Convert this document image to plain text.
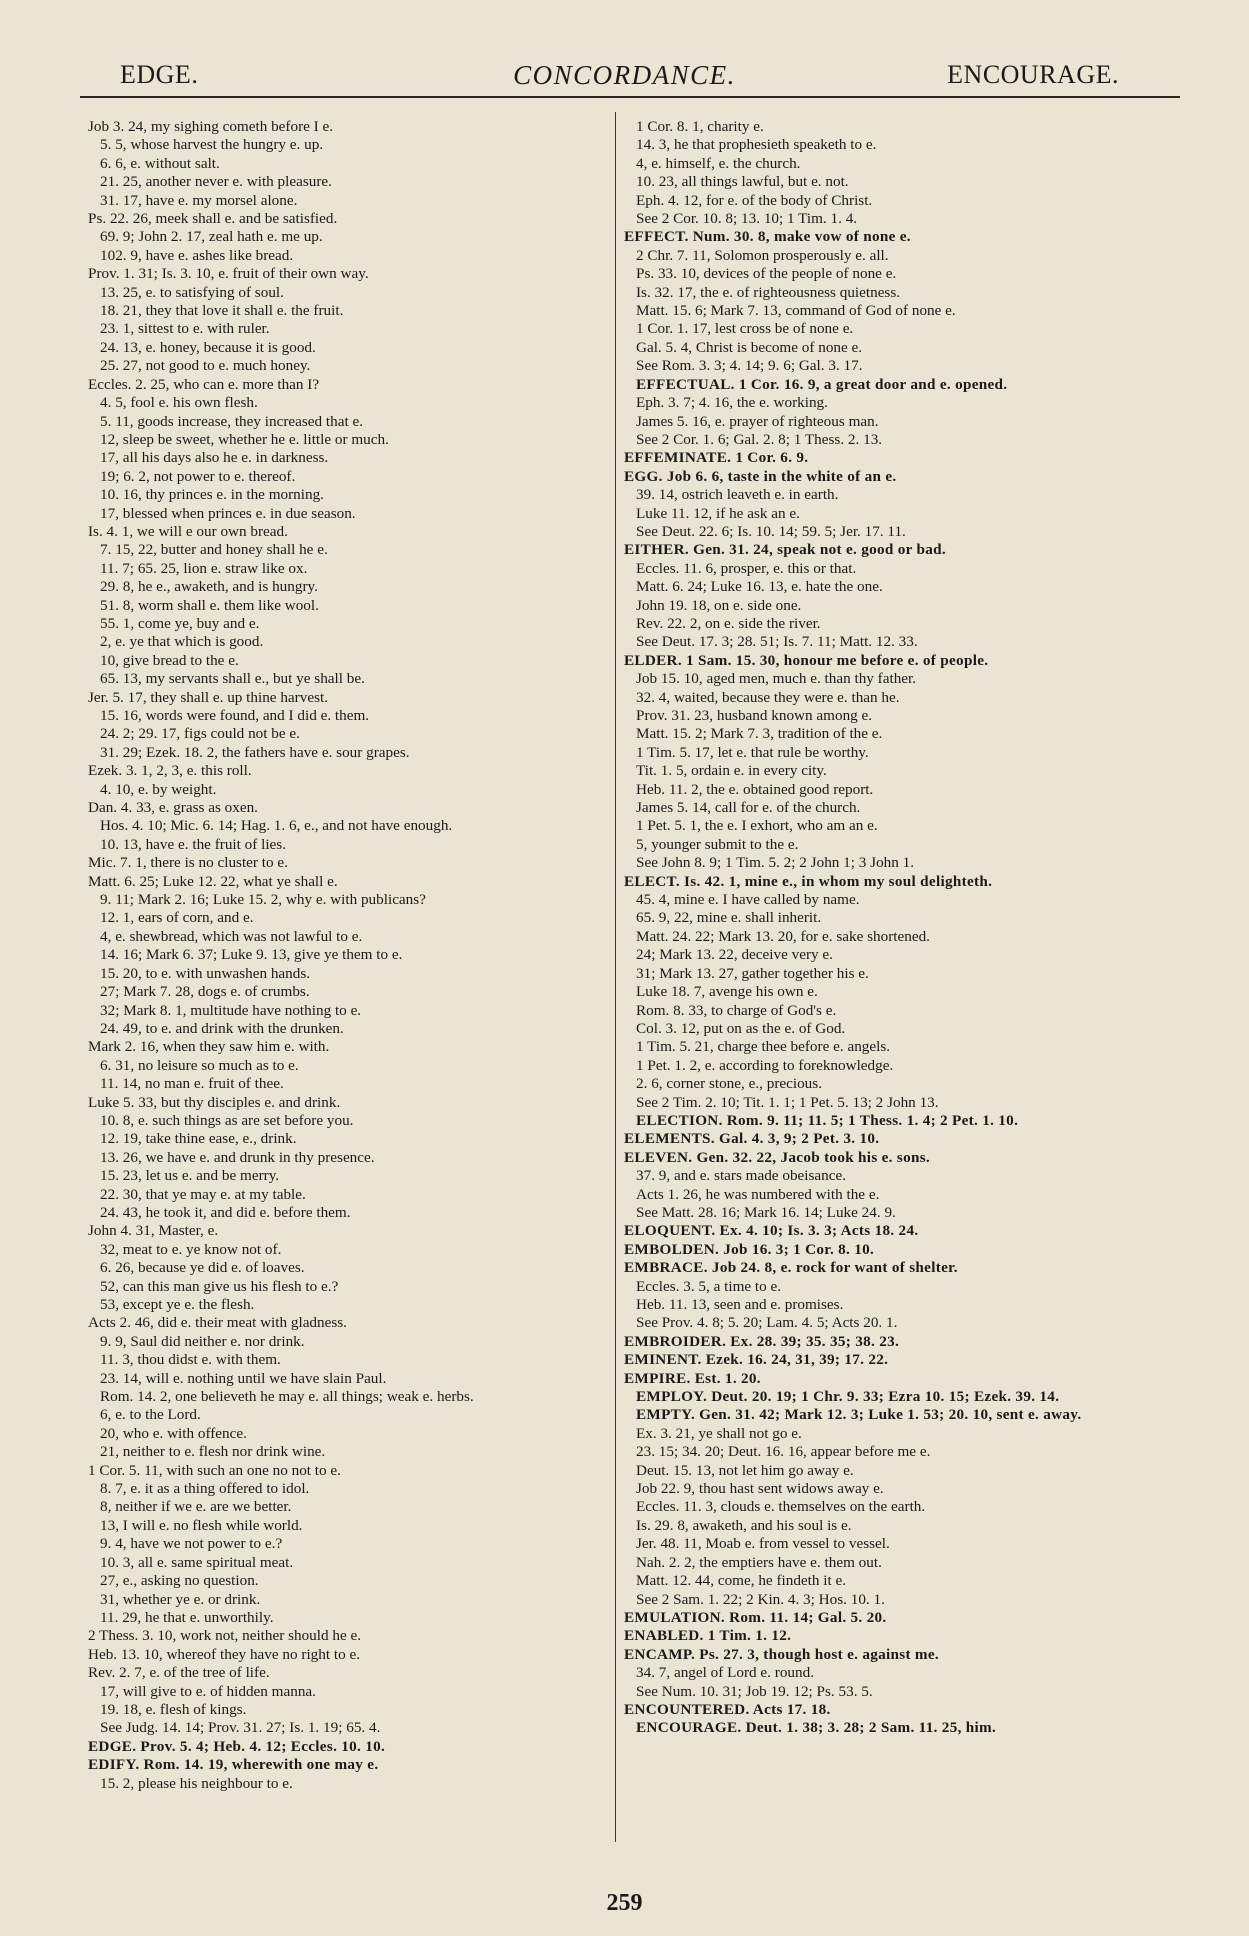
CONCORDANCE.
EDGE.	ENCOURAGE.
Job 3. 24, my sighing cometh before I e.
5. 5, whose harvest the hungry e. up.
6. 6, e. without salt.
21. 25, another never e. with pleasure.
31. 17, have e. my morsel alone.
Ps. 22. 26, meek shall e. and be satisfied.
69. 9; John 2. 17, zeal hath e. me up.
102. 9, have e. ashes like bread.
Prov. 1. 31; Is. 3. 10, e. fruit of their own way.
13. 25, e. to satisfying of soul.
18. 21, they that love it shall e. the fruit.
23. 1, sittest to e. with ruler.
24. 13, e. honey, because it is good.
25. 27, not good to e. much honey.
Eccles. 2. 25, who can e. more than I?
4. 5, fool e. his own flesh.
5. 11, goods increase, they increased that e.
12, sleep be sweet, whether he e. little or much.
17, all his days also he e. in darkness.
19; 6. 2, not power to e. thereof.
10. 16, thy princes e. in the morning.
17, blessed when princes e. in due season.
Is. 4. 1, we will e our own bread.
7. 15, 22, butter and honey shall he e.
11. 7; 65. 25, lion e. straw like ox.
29. 8, he e., awaketh, and is hungry.
51. 8, worm shall e. them like wool.
55. 1, come ye, buy and e.
2, e. ye that which is good.
10, give bread to the e.
65. 13, my servants shall e., but ye shall be.
Jer. 5. 17, they shall e. up thine harvest.
15. 16, words were found, and I did e. them.
24. 2; 29. 17, figs could not be e.
31. 29; Ezek. 18. 2, the fathers have e. sour grapes.
Ezek. 3. 1, 2, 3, e. this roll.
4. 10, e. by weight.
Dan. 4. 33, e. grass as oxen.
Hos. 4. 10; Mic. 6. 14; Hag. 1. 6, e., and not have enough.
10. 13, have e. the fruit of lies.
Mic. 7. 1, there is no cluster to e.
Matt. 6. 25; Luke 12. 22, what ye shall e.
9. 11; Mark 2. 16; Luke 15. 2, why e. with publicans?
12. 1, ears of corn, and e.
4, e. shewbread, which was not lawful to e.
14. 16; Mark 6. 37; Luke 9. 13, give ye them to e.
15. 20, to e. with unwashen hands.
27; Mark 7. 28, dogs e. of crumbs.
32; Mark 8. 1, multitude have nothing to e.
24. 49, to e. and drink with the drunken.
Mark 2. 16, when they saw him e. with.
6. 31, no leisure so much as to e.
11. 14, no man e. fruit of thee.
Luke 5. 33, but thy disciples e. and drink.
10. 8, e. such things as are set before you.
12. 19, take thine ease, e., drink.
13. 26, we have e. and drunk in thy presence.
15. 23, let us e. and be merry.
22. 30, that ye may e. at my table.
24. 43, he took it, and did e. before them.
John 4. 31, Master, e.
32, meat to e. ye know not of.
6. 26, because ye did e. of loaves.
52, can this man give us his flesh to e.?
53, except ye e. the flesh.
Acts 2. 46, did e. their meat with gladness.
9. 9, Saul did neither e. nor drink.
11. 3, thou didst e. with them.
23. 14, will e. nothing until we have slain Paul.
Rom. 14. 2, one believeth he may e. all things; weak e. herbs.
6, e. to the Lord.
20, who e. with offence.
21, neither to e. flesh nor drink wine.
1 Cor. 5. 11, with such an one no not to e.
8. 7, e. it as a thing offered to idol.
8, neither if we e. are we better.
13, I will e. no flesh while world.
9. 4, have we not power to e.?
10. 3, all e. same spiritual meat.
27, e., asking no question.
31, whether ye e. or drink.
11. 29, he that e. unworthily.
2 Thess. 3. 10, work not, neither should he e.
Heb. 13. 10, whereof they have no right to e.
Rev. 2. 7, e. of the tree of life.
17, will give to e. of hidden manna.
19. 18, e. flesh of kings.
See Judg. 14. 14; Prov. 31. 27; Is. 1. 19; 65. 4.
EDGE. Prov. 5. 4; Heb. 4. 12; Eccles. 10. 10.
EDIFY. Rom. 14. 19, wherewith one may e.
15. 2, please his neighbour to e.
1 Cor. 8. 1, charity e.
14. 3, he that prophesieth speaketh to e.
4, e. himself, e. the church.
10. 23, all things lawful, but e. not.
Eph. 4. 12, for e. of the body of Christ.
See 2 Cor. 10. 8; 13. 10; 1 Tim. 1. 4.
EFFECT. Num. 30. 8, make vow of none e.
2 Chr. 7. 11, Solomon prosperously e. all.
Ps. 33. 10, devices of the people of none e.
Is. 32. 17, the e. of righteousness quietness.
Matt. 15. 6; Mark 7. 13, command of God of none e.
1 Cor. 1. 17, lest cross be of none e.
Gal. 5. 4, Christ is become of none e.
See Rom. 3. 3; 4. 14; 9. 6; Gal. 3. 17.
EFFECTUAL. 1 Cor. 16. 9, a great door and e. opened.
Eph. 3. 7; 4. 16, the e. working.
James 5. 16, e. prayer of righteous man.
See 2 Cor. 1. 6; Gal. 2. 8; 1 Thess. 2. 13.
EFFEMINATE. 1 Cor. 6. 9.
EGG. Job 6. 6, taste in the white of an e.
39. 14, ostrich leaveth e. in earth.
Luke 11. 12, if he ask an e.
See Deut. 22. 6; Is. 10. 14; 59. 5; Jer. 17. 11.
EITHER. Gen. 31. 24, speak not e. good or bad.
Eccles. 11. 6, prosper, e. this or that.
Matt. 6. 24; Luke 16. 13, e. hate the one.
John 19. 18, on e. side one.
Rev. 22. 2, on e. side the river.
See Deut. 17. 3; 28. 51; Is. 7. 11; Matt. 12. 33.
ELDER. 1 Sam. 15. 30, honour me before e. of people.
Job 15. 10, aged men, much e. than thy father.
32. 4, waited, because they were e. than he.
Prov. 31. 23, husband known among e.
Matt. 15. 2; Mark 7. 3, tradition of the e.
1 Tim. 5. 17, let e. that rule be worthy.
Tit. 1. 5, ordain e. in every city.
Heb. 11. 2, the e. obtained good report.
James 5. 14, call for e. of the church.
1 Pet. 5. 1, the e. I exhort, who am an e.
5, younger submit to the e.
See John 8. 9; 1 Tim. 5. 2; 2 John 1; 3 John 1.
ELECT. Is. 42. 1, mine e., in whom my soul delighteth.
45. 4, mine e. I have called by name.
65. 9, 22, mine e. shall inherit.
Matt. 24. 22; Mark 13. 20, for e. sake shortened.
24; Mark 13. 22, deceive very e.
31; Mark 13. 27, gather together his e.
Luke 18. 7, avenge his own e.
Rom. 8. 33, to charge of God's e.
Col. 3. 12, put on as the e. of God.
1 Tim. 5. 21, charge thee before e. angels.
1 Pet. 1. 2, e. according to foreknowledge.
2. 6, corner stone, e., precious.
See 2 Tim. 2. 10; Tit. 1. 1; 1 Pet. 5. 13; 2 John 13.
ELECTION. Rom. 9. 11; 11. 5; 1 Thess. 1. 4; 2 Pet. 1. 10.
ELEMENTS. Gal. 4. 3, 9; 2 Pet. 3. 10.
ELEVEN. Gen. 32. 22, Jacob took his e. sons.
37. 9, and e. stars made obeisance.
Acts 1. 26, he was numbered with the e.
See Matt. 28. 16; Mark 16. 14; Luke 24. 9.
ELOQUENT. Ex. 4. 10; Is. 3. 3; Acts 18. 24.
EMBOLDEN. Job 16. 3; 1 Cor. 8. 10.
EMBRACE. Job 24. 8, e. rock for want of shelter.
Eccles. 3. 5, a time to e.
Heb. 11. 13, seen and e. promises.
See Prov. 4. 8; 5. 20; Lam. 4. 5; Acts 20. 1.
EMBROIDER. Ex. 28. 39; 35. 35; 38. 23.
EMINENT. Ezek. 16. 24, 31, 39; 17. 22.
EMPIRE. Est. 1. 20.
EMPLOY. Deut. 20. 19; 1 Chr. 9. 33; Ezra 10. 15; Ezek. 39. 14.
EMPTY. Gen. 31. 42; Mark 12. 3; Luke 1. 53; 20. 10, sent e. away.
Ex. 3. 21, ye shall not go e.
23. 15; 34. 20; Deut. 16. 16, appear before me e.
Deut. 15. 13, not let him go away e.
Job 22. 9, thou hast sent widows away e.
Eccles. 11. 3, clouds e. themselves on the earth.
Is. 29. 8, awaketh, and his soul is e.
Jer. 48. 11, Moab e. from vessel to vessel.
Nah. 2. 2, the emptiers have e. them out.
Matt. 12. 44, come, he findeth it e.
See 2 Sam. 1. 22; 2 Kin. 4. 3; Hos. 10. 1.
EMULATION. Rom. 11. 14; Gal. 5. 20.
ENABLED. 1 Tim. 1. 12.
ENCAMP. Ps. 27. 3, though host e. against me.
34. 7, angel of Lord e. round.
See Num. 10. 31; Job 19. 12; Ps. 53. 5.
ENCOUNTERED. Acts 17. 18.
ENCOURAGE. Deut. 1. 38; 3. 28; 2 Sam. 11. 25, him.
259
